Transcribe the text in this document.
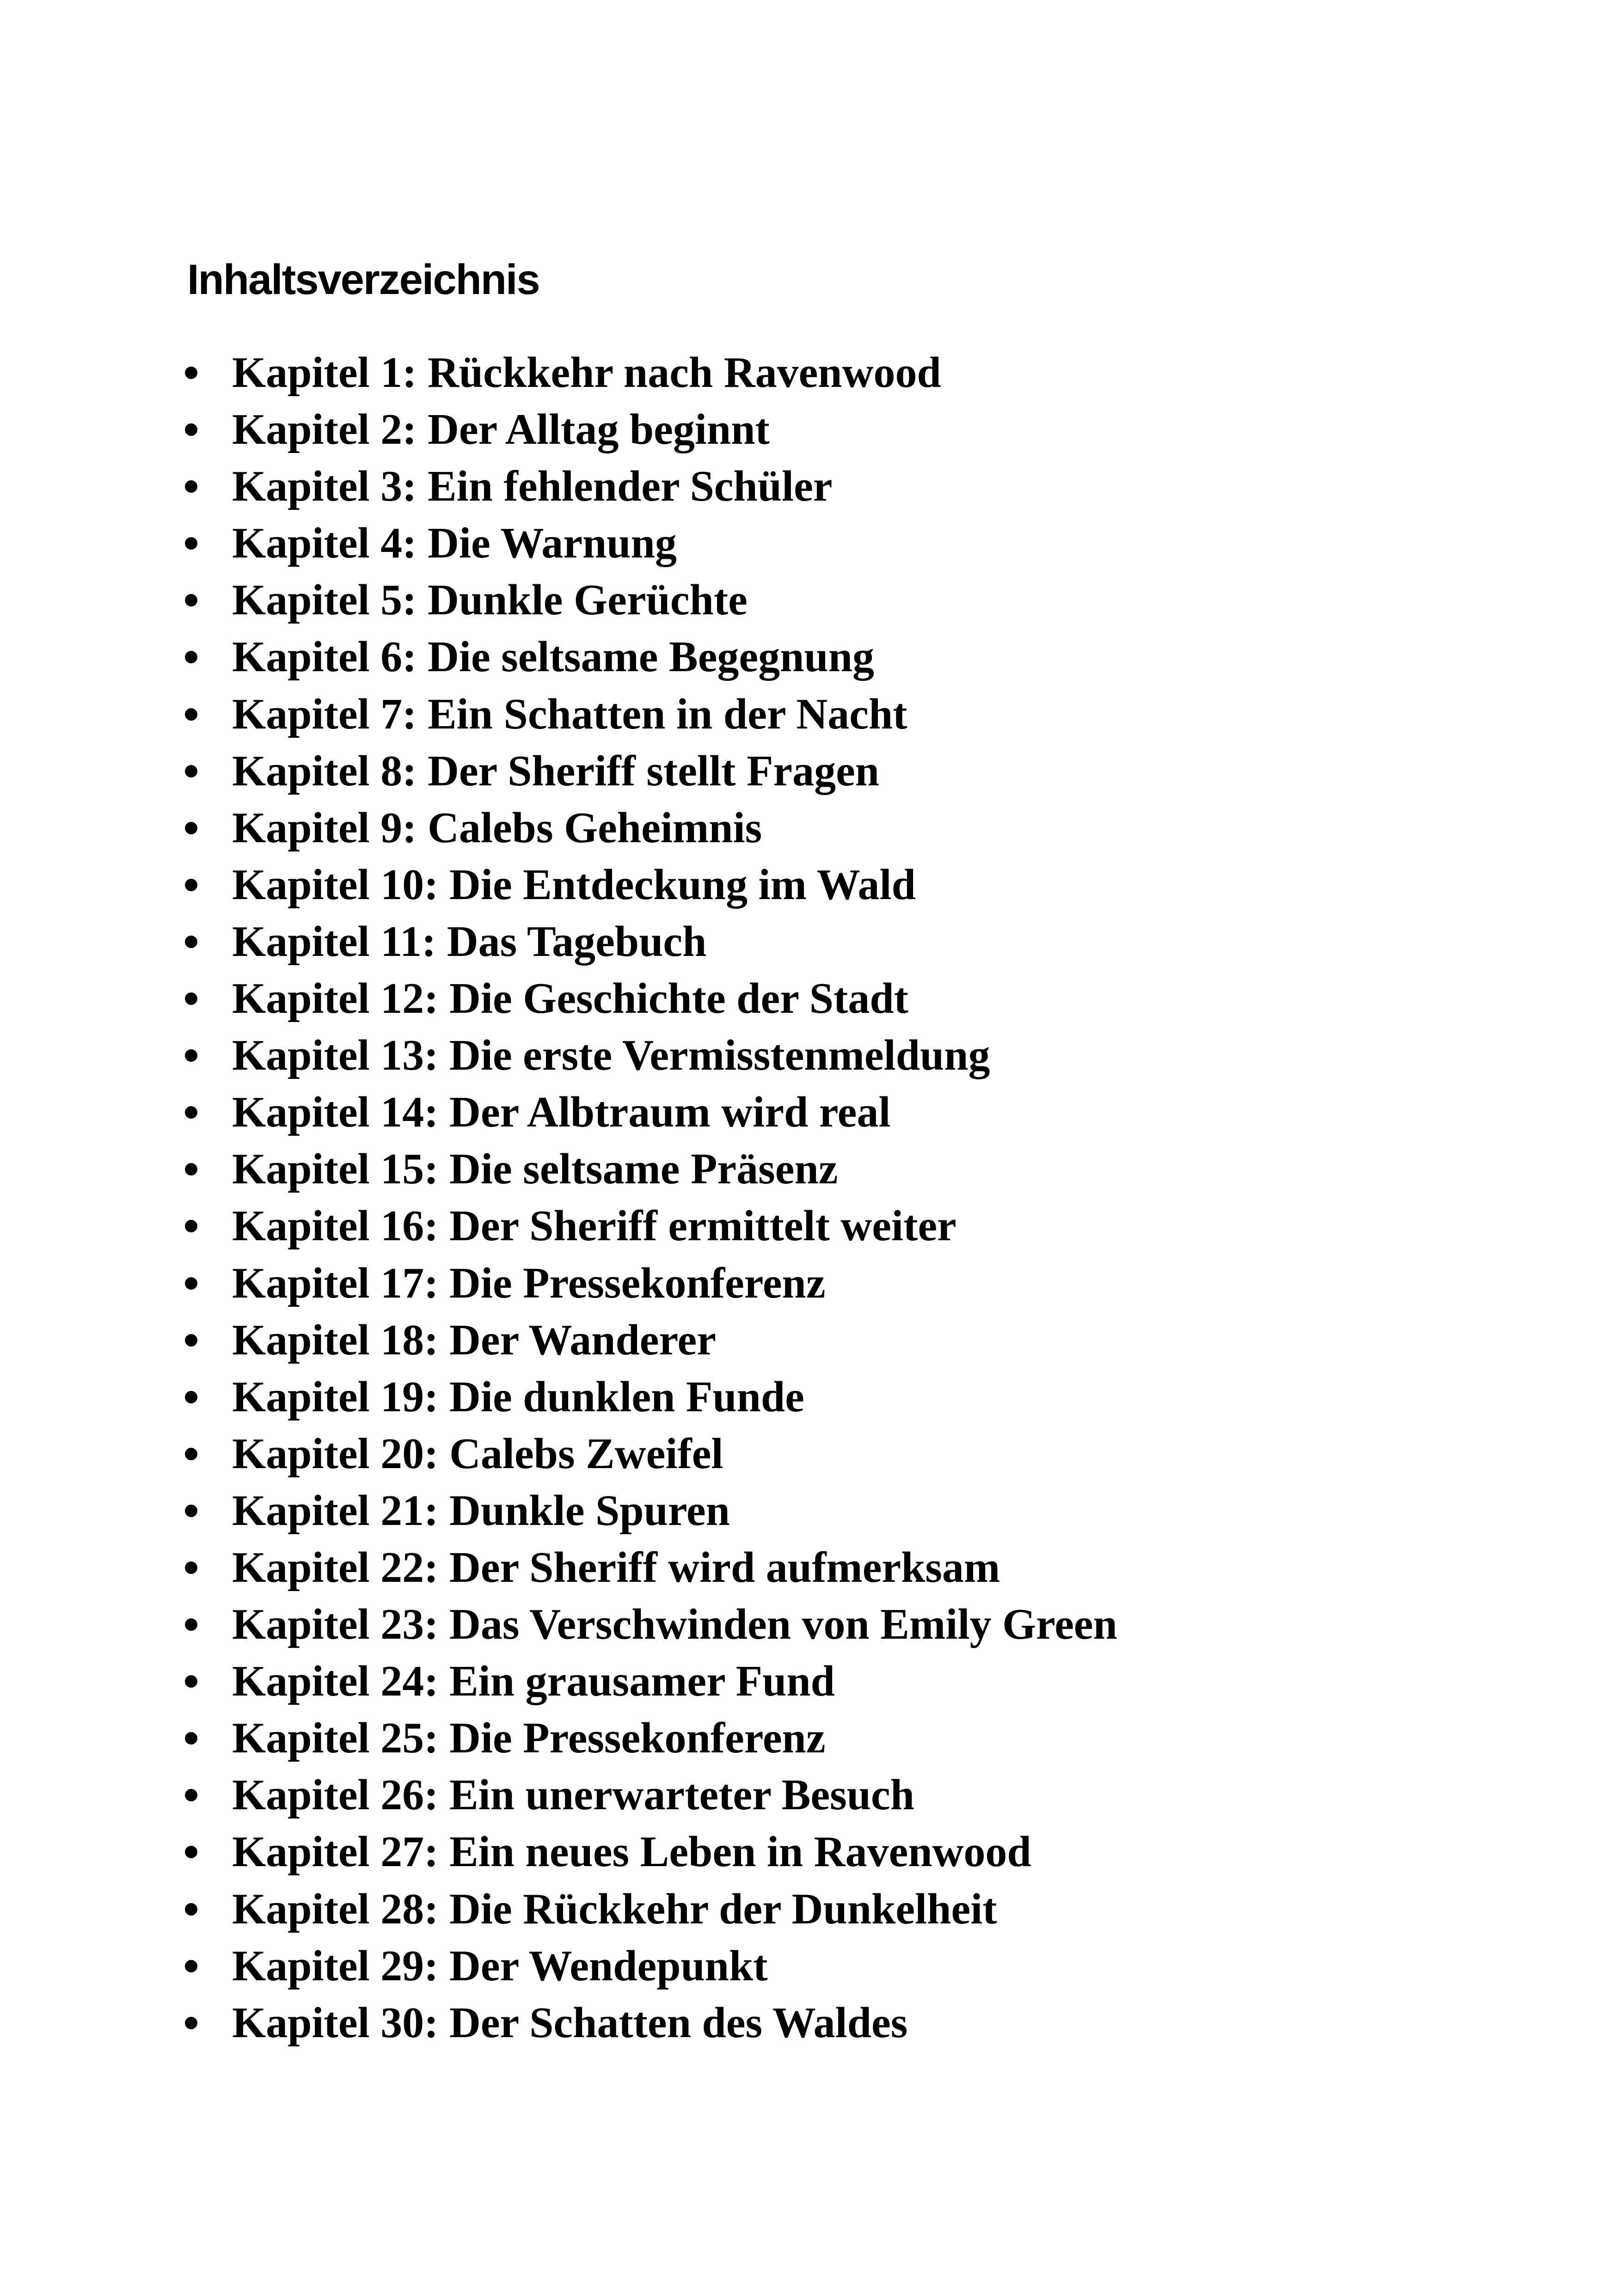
Inhaltsverzeichnis
Kapitel 1: Rückkehr nach Ravenwood
Kapitel 2: Der Alltag beginnt
Kapitel 3: Ein fehlender Schüler
Kapitel 4: Die Warnung
Kapitel 5: Dunkle Gerüchte
Kapitel 6: Die seltsame Begegnung
Kapitel 7: Ein Schatten in der Nacht
Kapitel 8: Der Sheriff stellt Fragen
Kapitel 9: Calebs Geheimnis
Kapitel 10: Die Entdeckung im Wald
Kapitel 11: Das Tagebuch
Kapitel 12: Die Geschichte der Stadt
Kapitel 13: Die erste Vermisstenmeldung
Kapitel 14: Der Albtraum wird real
Kapitel 15: Die seltsame Präsenz
Kapitel 16: Der Sheriff ermittelt weiter
Kapitel 17: Die Pressekonferenz
Kapitel 18: Der Wanderer
Kapitel 19: Die dunklen Funde
Kapitel 20: Calebs Zweifel
Kapitel 21: Dunkle Spuren
Kapitel 22: Der Sheriff wird aufmerksam
Kapitel 23: Das Verschwinden von Emily Green
Kapitel 24: Ein grausamer Fund
Kapitel 25: Die Pressekonferenz
Kapitel 26: Ein unerwarteter Besuch
Kapitel 27: Ein neues Leben in Ravenwood
Kapitel 28: Die Rückkehr der Dunkelheit
Kapitel 29: Der Wendepunkt
Kapitel 30: Der Schatten des Waldes
